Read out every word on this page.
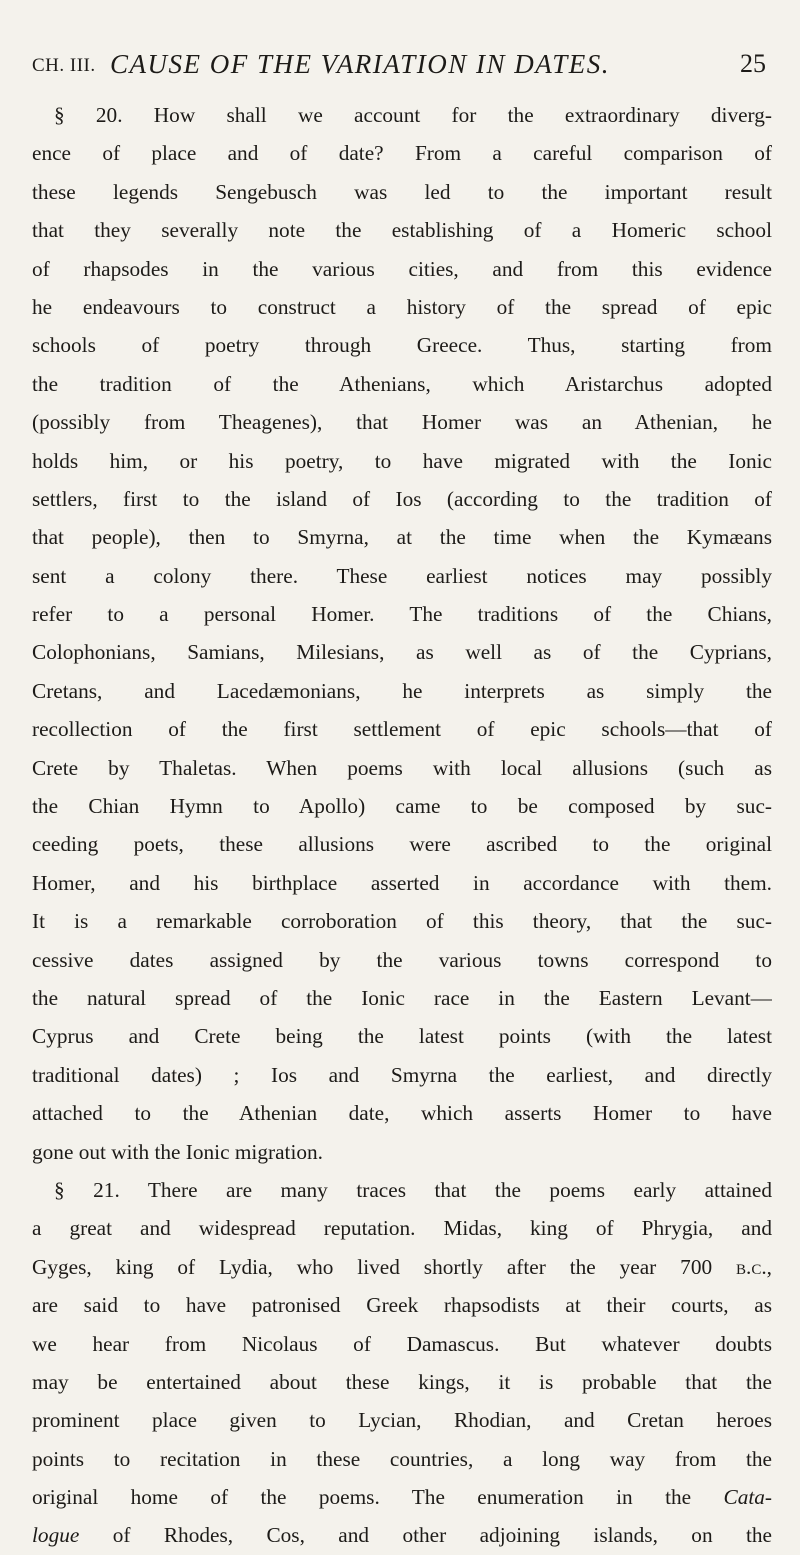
CH. III. CAUSE OF THE VARIATION IN DATES.	25
§ 20. How shall we account for the extraordinary diverg-
ence of place and of date? From a careful comparison of
these legends Sengebusch was led to the important result
that they severally note the establishing of a Homeric school
of rhapsodes in the various cities, and from this evidence
he endeavours to construct a history of the spread of epic
schools of poetry through Greece. Thus, starting from
the tradition of the Athenians, which Aristarchus adopted
(possibly from Theagenes), that Homer was an Athenian, he
holds him, or his poetry, to have migrated with the Ionic
settlers, first to the island of Ios (according to the tradition of
that people), then to Smyrna, at the time when the Kymæans
sent a colony there. These earliest notices may possibly
refer to a personal Homer. The traditions of the Chians,
Colophonians, Samians, Milesians, as well as of the Cyprians,
Cretans, and Lacedæmonians, he interprets as simply the
recollection of the first settlement of epic schools—that of
Crete by Thaletas. When poems with local allusions (such as
the Chian Hymn to Apollo) came to be composed by suc-
ceeding poets, these allusions were ascribed to the original
Homer, and his birthplace asserted in accordance with them.
It is a remarkable corroboration of this theory, that the suc-
cessive dates assigned by the various towns correspond to
the natural spread of the Ionic race in the Eastern Levant—
Cyprus and Crete being the latest points (with the latest
traditional dates) ; Ios and Smyrna the earliest, and directly
attached to the Athenian date, which asserts Homer to have
gone out with the Ionic migration.
§ 21. There are many traces that the poems early attained
a great and widespread reputation. Midas, king of Phrygia, and
Gyges, king of Lydia, who lived shortly after the year 700 b.c.,
are said to have patronised Greek rhapsodists at their courts, as
we hear from Nicolaus of Damascus. But whatever doubts
may be entertained about these kings, it is probable that the
prominent place given to Lycian, Rhodian, and Cretan heroes
points to recitation in these countries, a long way from the
original home of the poems. The enumeration in the Cata-
logue of Rhodes, Cos, and other adjoining islands, on the
